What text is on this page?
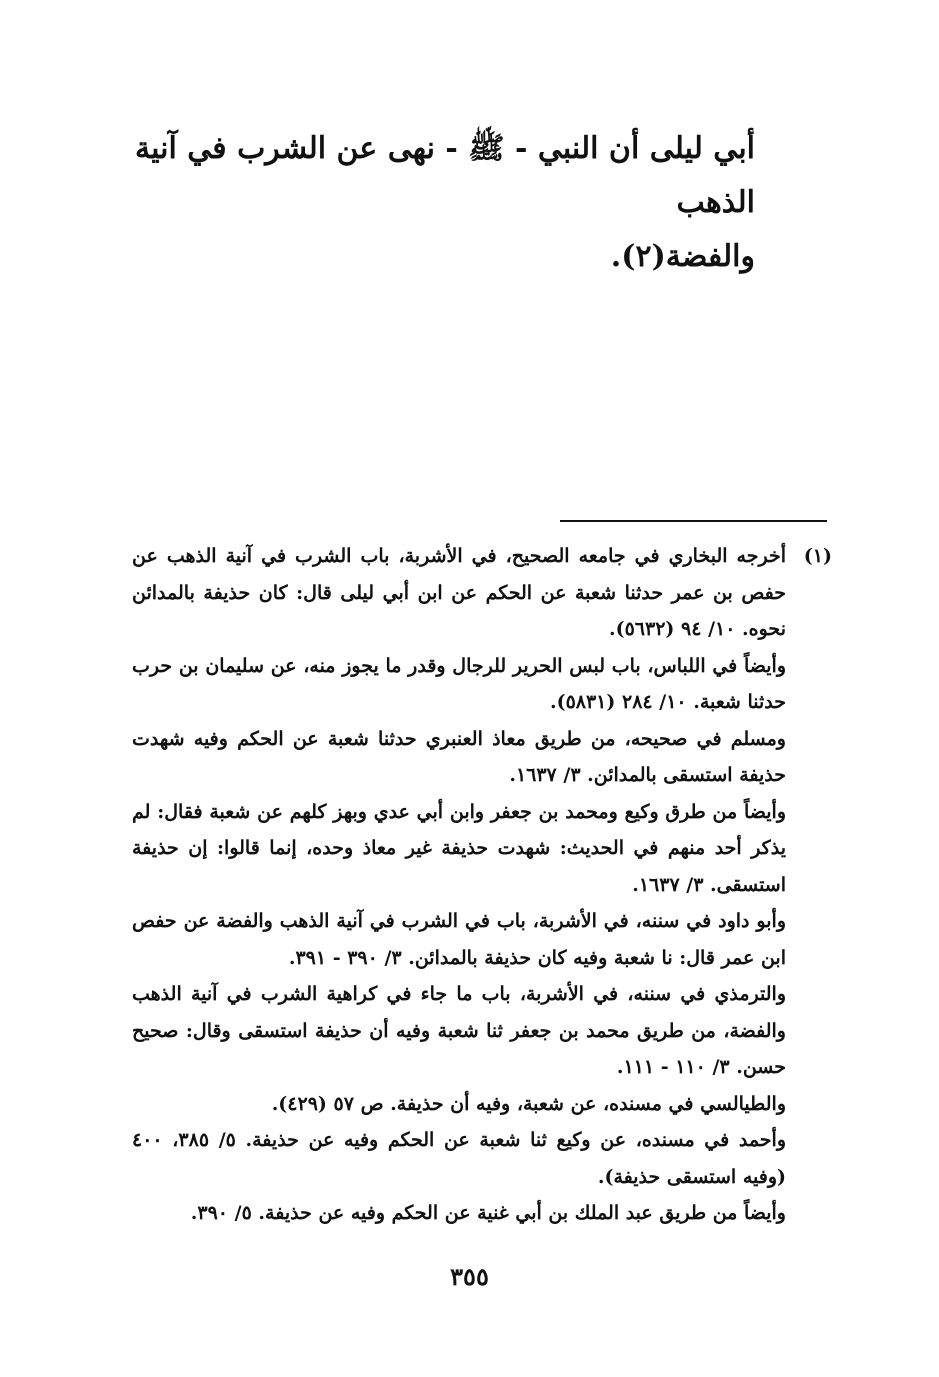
أبي ليلى أن النبي - ﷺ - نهى عن الشرب في آنية الذهب

والفضة(٢).

(١)

أخرجه البخاري في جامعه الصحيح، في الأشربة، باب الشرب في آنية الذهب عن حفص بن عمر حدثنا شعبة عن الحكم عن ابن أبي ليلى قال: كان حذيفة بالمدائن نحوه. ١٠/ ٩٤ (٥٦٣٢).

وأيضاً في اللباس، باب لبس الحرير للرجال وقدر ما يجوز منه، عن سليمان بن حرب حدثنا شعبة. ١٠/ ٢٨٤ (٥٨٣١).

ومسلم في صحيحه، من طريق معاذ العنبري حدثنا شعبة عن الحكم وفيه شهدت حذيفة استسقى بالمدائن. ٣/ ١٦٣٧.

وأيضاً من طرق وكيع ومحمد بن جعفر وابن أبي عدي وبهز كلهم عن شعبة فقال: لم يذكر أحد منهم في الحديث: شهدت حذيفة غير معاذ وحده، إنما قالوا: إن حذيفة استسقى. ٣/ ١٦٣٧.

وأبو داود في سننه، في الأشربة، باب في الشرب في آنية الذهب والفضة عن حفص ابن عمر قال: نا شعبة وفيه كان حذيفة بالمدائن. ٣/ ٣٩٠ - ٣٩١.

والترمذي في سننه، في الأشربة، باب ما جاء في كراهية الشرب في آنية الذهب والفضة، من طريق محمد بن جعفر ثنا شعبة وفيه أن حذيفة استسقى وقال: صحيح حسن. ٣/ ١١٠ - ١١١.

والطيالسي في مسنده، عن شعبة، وفيه أن حذيفة. ص ٥٧ (٤٢٩).

وأحمد في مسنده، عن وكيع ثنا شعبة عن الحكم وفيه عن حذيفة. ٥/ ٣٨٥، ٤٠٠ (وفيه استسقى حذيفة).

وأيضاً من طريق عبد الملك بن أبي غنية عن الحكم وفيه عن حذيفة. ٥/ ٣٩٠.

٣٥٥
